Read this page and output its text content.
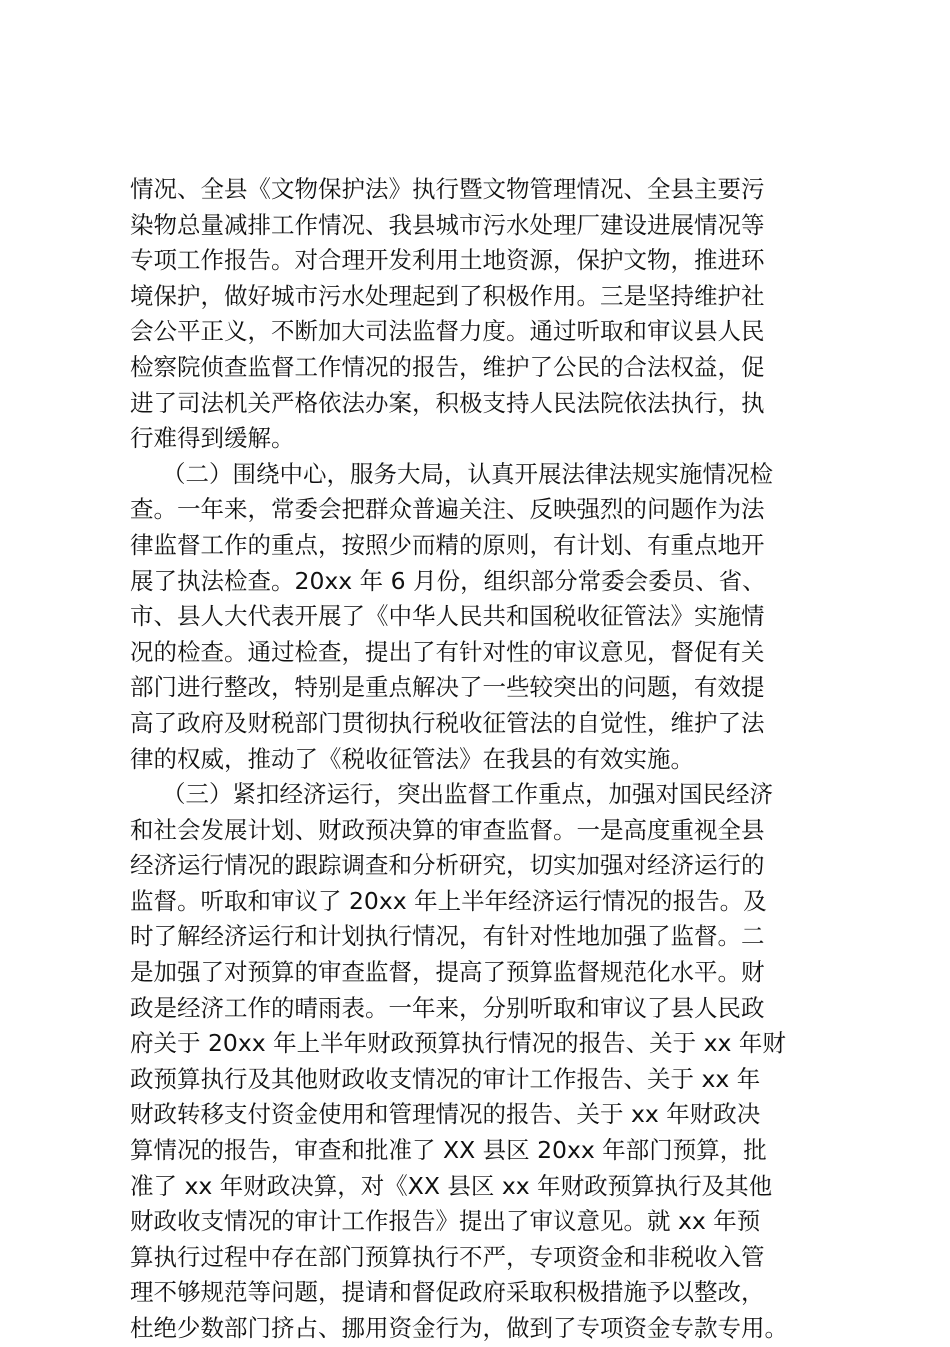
情况、全县《文物保护法》执行暨文物管理情况、全县主要污
染物总量减排工作情况、我县城市污水处理厂建设进展情况等
专项工作报告。对合理开发利用土地资源，保护文物，推进环
境保护，做好城市污水处理起到了积极作用。三是坚持维护社
会公平正义，不断加大司法监督力度。通过听取和审议县人民
检察院侦查监督工作情况的报告，维护了公民的合法权益，促
进了司法机关严格依法办案，积极支持人民法院依法执行，执
行难得到缓解。
（二）围绕中心，服务大局，认真开展法律法规实施情况检
查。一年来，常委会把群众普遍关注、反映强烈的问题作为法
律监督工作的重点，按照少而精的原则，有计划、有重点地开
展了执法检查。20xx 年 6 月份，组织部分常委会委员、省、
市、县人大代表开展了《中华人民共和国税收征管法》实施情
况的检查。通过检查，提出了有针对性的审议意见，督促有关
部门进行整改，特别是重点解决了一些较突出的问题，有效提
高了政府及财税部门贯彻执行税收征管法的自觉性，维护了法
律的权威，推动了《税收征管法》在我县的有效实施。
（三）紧扣经济运行，突出监督工作重点，加强对国民经济
和社会发展计划、财政预决算的审查监督。一是高度重视全县
经济运行情况的跟踪调查和分析研究，切实加强对经济运行的
监督。听取和审议了 20xx 年上半年经济运行情况的报告。及
时了解经济运行和计划执行情况，有针对性地加强了监督。二
是加强了对预算的审查监督，提高了预算监督规范化水平。财
政是经济工作的晴雨表。一年来，分别听取和审议了县人民政
府关于 20xx 年上半年财政预算执行情况的报告、关于 xx 年财
政预算执行及其他财政收支情况的审计工作报告、关于 xx 年
财政转移支付资金使用和管理情况的报告、关于 xx 年财政决
算情况的报告，审查和批准了 XX 县区 20xx 年部门预算，批
准了 xx 年财政决算，对《XX 县区 xx 年财政预算执行及其他
财政收支情况的审计工作报告》提出了审议意见。就 xx 年预
算执行过程中存在部门预算执行不严，专项资金和非税收入管
理不够规范等问题，提请和督促政府采取积极措施予以整改，
杜绝少数部门挤占、挪用资金行为，做到了专项资金专款专用。
